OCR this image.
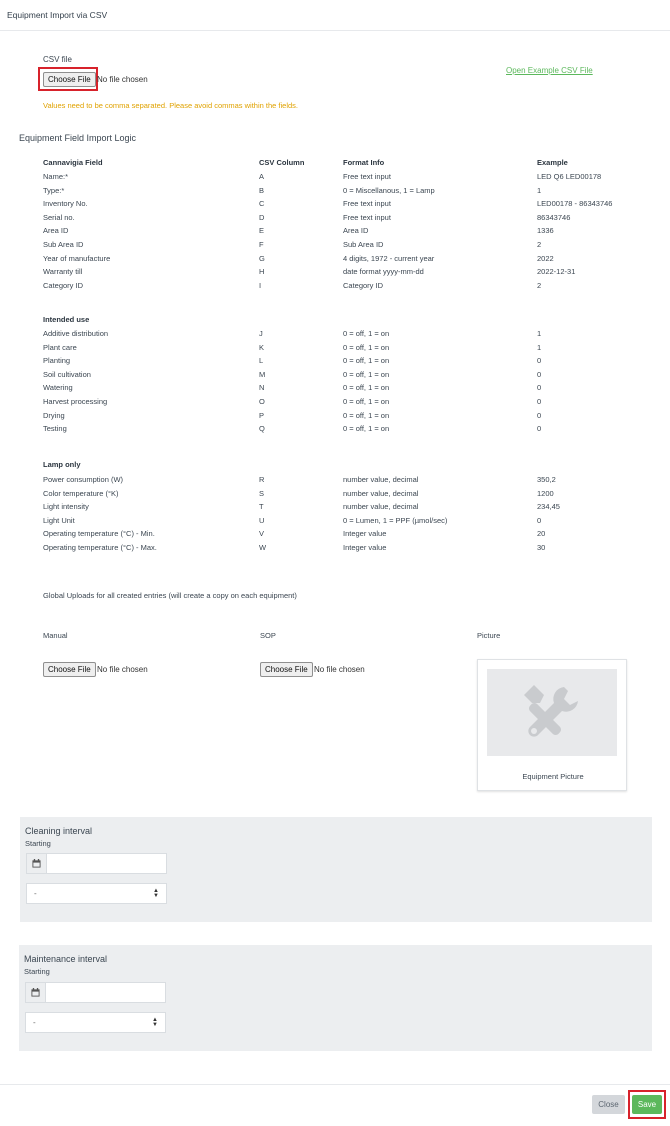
Equipment Import via CSV
CSV file
Choose File No file chosen
Open Example CSV File
Values need to be comma separated. Please avoid commas within the fields.
Equipment Field Import Logic
Cannavigia Field	CSV Column	Format Info	Example
Name:*	A	Free text input	LED Q6 LED00178
Type:*	B	0 = Miscellanous, 1 = Lamp	1
Inventory No.	C	Free text input	LED00178 - 86343746
Serial no.	D	Free text input	86343746
Area ID	E	Area ID	1336
Sub Area ID	F	Sub Area ID	2
Year of manufacture	G	4 digits, 1972 - current year	2022
Warranty till	H	date format yyyy-mm-dd	2022-12-31
Category ID	I	Category ID	2
Intended use
Additive distribution	J	0 = off, 1 = on	1
Plant care	K	0 = off, 1 = on	1
Planting	L	0 = off, 1 = on	0
Soil cultivation	M	0 = off, 1 = on	0
Watering	N	0 = off, 1 = on	0
Harvest processing	O	0 = off, 1 = on	0
Drying	P	0 = off, 1 = on	0
Testing	Q	0 = off, 1 = on	0
Lamp only
Power consumption (W)	R	number value, decimal	350,2
Color temperature (°K)	S	number value, decimal	1200
Light intensity	T	number value, decimal	234,45
Light Unit	U	0 = Lumen, 1 = PPF (µmol/sec)	0
Operating temperature (°C) - Min.	V	Integer value	20
Operating temperature (°C) - Max.	W	Integer value	30
Global Uploads for all created entries (will create a copy on each equipment)
Manual	SOP	Picture
Choose File No file chosen	Choose File No file chosen
Equipment Picture
Cleaning interval
Starting
-	▲
▼
Maintenance interval
Starting
-	▲
▼
Close	Save
